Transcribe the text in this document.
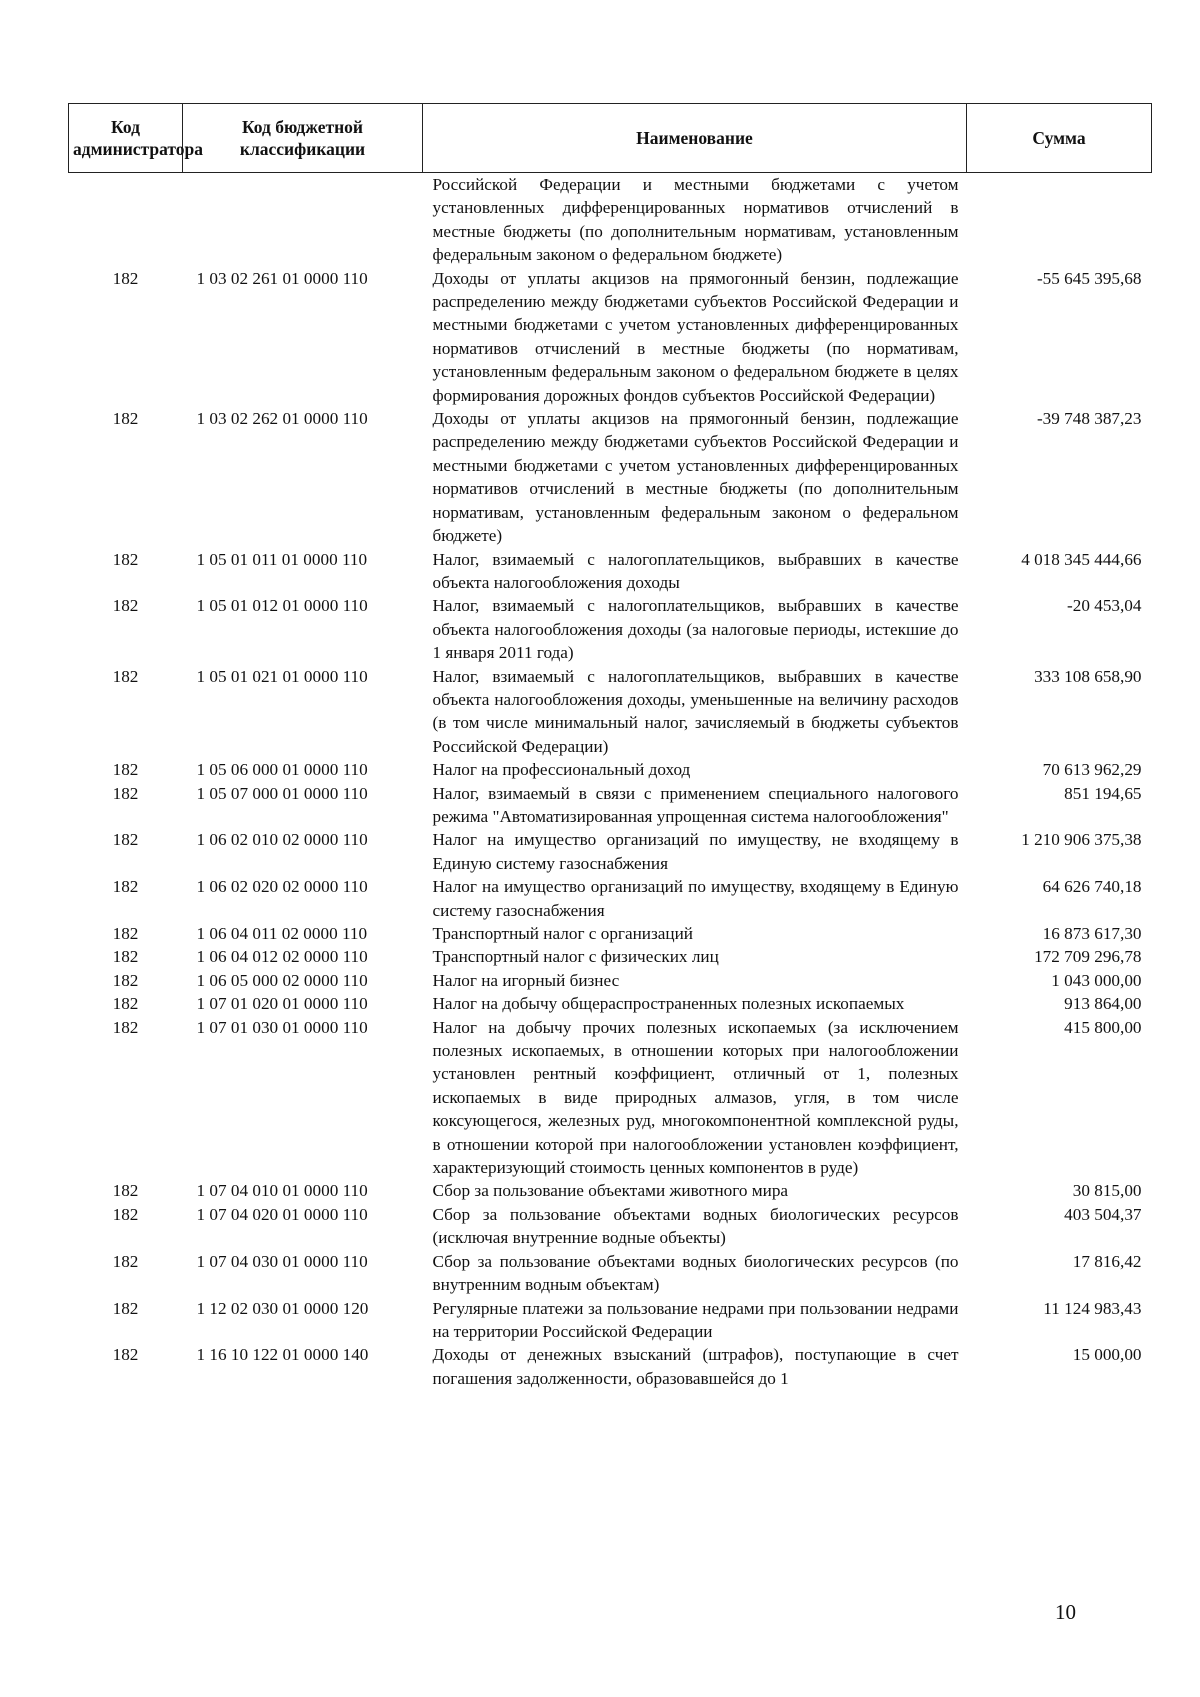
Код администратора	Код бюджетной классификации	Наименование	Сумма
		Российской Федерации и местными бюджетами с учетом установленных дифференцированных нормативов отчислений в местные бюджеты (по дополнительным нормативам, установленным федеральным законом о федеральном бюджете)	
182	1 03 02 261 01 0000 110	Доходы от уплаты акцизов на прямогонный бензин, подлежащие распределению между бюджетами субъектов Российской Федерации и местными бюджетами с учетом установленных дифференцированных нормативов отчислений в местные бюджеты (по нормативам, установленным федеральным законом о федеральном бюджете в целях формирования дорожных фондов субъектов Российской Федерации)	-55 645 395,68
182	1 03 02 262 01 0000 110	Доходы от уплаты акцизов на прямогонный бензин, подлежащие распределению между бюджетами субъектов Российской Федерации и местными бюджетами с учетом установленных дифференцированных нормативов отчислений в местные бюджеты (по дополнительным нормативам, установленным федеральным законом о федеральном бюджете)	-39 748 387,23
182	1 05 01 011 01 0000 110	Налог, взимаемый с налогоплательщиков, выбравших в качестве объекта налогообложения доходы	4 018 345 444,66
182	1 05 01 012 01 0000 110	Налог, взимаемый с налогоплательщиков, выбравших в качестве объекта налогообложения доходы (за налоговые периоды, истекшие до 1 января 2011 года)	-20 453,04
182	1 05 01 021 01 0000 110	Налог, взимаемый с налогоплательщиков, выбравших в качестве объекта налогообложения доходы, уменьшенные на величину расходов (в том числе минимальный налог, зачисляемый в бюджеты субъектов Российской Федерации)	333 108 658,90
182	1 05 06 000 01 0000 110	Налог на профессиональный доход	70 613 962,29
182	1 05 07 000 01 0000 110	Налог, взимаемый в связи с применением специального налогового режима "Автоматизированная упрощенная система налогообложения"	851 194,65
182	1 06 02 010 02 0000 110	Налог на имущество организаций по имуществу, не входящему в Единую систему газоснабжения	1 210 906 375,38
182	1 06 02 020 02 0000 110	Налог на имущество организаций по имуществу, входящему в Единую систему газоснабжения	64 626 740,18
182	1 06 04 011 02 0000 110	Транспортный налог с организаций	16 873 617,30
182	1 06 04 012 02 0000 110	Транспортный налог с физических лиц	172 709 296,78
182	1 06 05 000 02 0000 110	Налог на игорный бизнес	1 043 000,00
182	1 07 01 020 01 0000 110	Налог на добычу общераспространенных полезных ископаемых	913 864,00
182	1 07 01 030 01 0000 110	Налог на добычу прочих полезных ископаемых (за исключением полезных ископаемых, в отношении которых при налогообложении установлен рентный коэффициент, отличный от 1, полезных ископаемых в виде природных алмазов, угля, в том числе коксующегося, железных руд, многокомпонентной комплексной руды, в отношении которой при налогообложении установлен коэффициент, характеризующий стоимость ценных компонентов в руде)	415 800,00
182	1 07 04 010 01 0000 110	Сбор за пользование объектами животного мира	30 815,00
182	1 07 04 020 01 0000 110	Сбор за пользование объектами водных биологических ресурсов (исключая внутренние водные объекты)	403 504,37
182	1 07 04 030 01 0000 110	Сбор за пользование объектами водных биологических ресурсов (по внутренним водным объектам)	17 816,42
182	1 12 02 030 01 0000 120	Регулярные платежи за пользование недрами при пользовании недрами на территории Российской Федерации	11 124 983,43
182	1 16 10 122 01 0000 140	Доходы от денежных взысканий (штрафов), поступающие в счет погашения задолженности, образовавшейся до 1	15 000,00
10
